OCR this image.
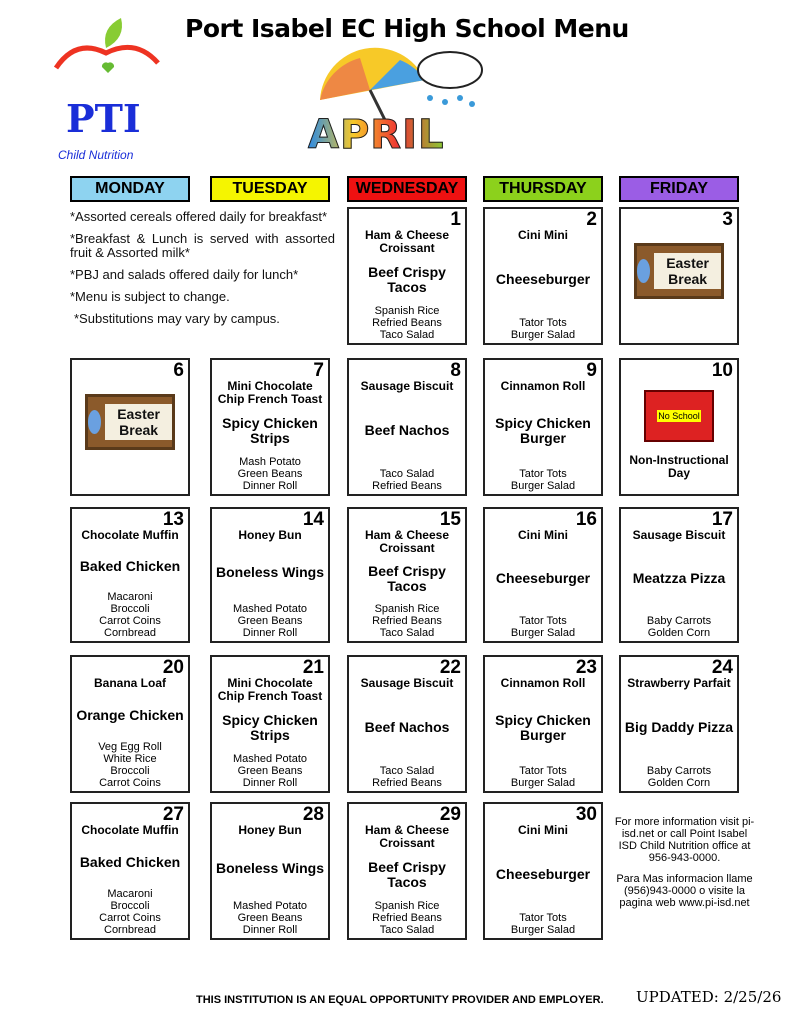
Port Isabel EC High School Menu
PTI
Child Nutrition	APRIL
MONDAY	TUESDAY	WEDNESDAY	THURSDAY	FRIDAY

*Assorted cereals offered daily for breakfast*

*Breakfast & Lunch is served with assorted fruit & Assorted milk*

*PBJ and salads offered daily for lunch*

*Menu is subject to change.

*Substitutions may vary by campus.

1
Ham & Cheese Croissant
Beef Crispy Tacos
Spanish Rice
Refried Beans
Taco Salad
2
Cini Mini
Cheeseburger
Tator Tots
Burger Salad
3
Easter Break
6
Easter Break
7
Mini Chocolate Chip French Toast
Spicy Chicken Strips
Mash Potato
Green Beans
Dinner Roll
8
Sausage Biscuit
Beef Nachos
Taco Salad
Refried Beans
9
Cinnamon Roll
Spicy Chicken Burger
Tator Tots
Burger Salad
10
No School
Non-Instructional Day
13
Chocolate Muffin
Baked Chicken
Macaroni
Broccoli
Carrot Coins
Cornbread
14
Honey Bun
Boneless Wings
Mashed Potato
Green Beans
Dinner Roll
15
Ham & Cheese Croissant
Beef Crispy Tacos
Spanish Rice
Refried Beans
Taco Salad
16
Cini Mini
Cheeseburger
Tator Tots
Burger Salad
17
Sausage Biscuit
Meatzza Pizza
Baby Carrots
Golden Corn
20
Banana Loaf
Orange Chicken
Veg Egg Roll
White Rice
Broccoli
Carrot Coins
21
Mini Chocolate Chip French Toast
Spicy Chicken Strips
Mashed Potato
Green Beans
Dinner Roll
22
Sausage Biscuit
Beef Nachos
Taco Salad
Refried Beans
23
Cinnamon Roll
Spicy Chicken Burger
Tator Tots
Burger Salad
24
Strawberry Parfait
Big Daddy Pizza
Baby Carrots
Golden Corn
27
Chocolate Muffin
Baked Chicken
Macaroni
Broccoli
Carrot Coins
Cornbread
28
Honey Bun
Boneless Wings
Mashed Potato
Green Beans
Dinner Roll
29
Ham & Cheese Croissant
Beef Crispy Tacos
Spanish Rice
Refried Beans
Taco Salad
30
Cini Mini
Cheeseburger
Tator Tots
Burger Salad

For more information visit pi-isd.net or call Point Isabel ISD Child Nutrition office at 956-943-0000.

Para Mas informacion llame (956)943-0000 o visite la pagina web www.pi-isd.net

THIS INSTITUTION IS AN EQUAL OPPORTUNITY PROVIDER AND EMPLOYER. UPDATED: 2/25/26
